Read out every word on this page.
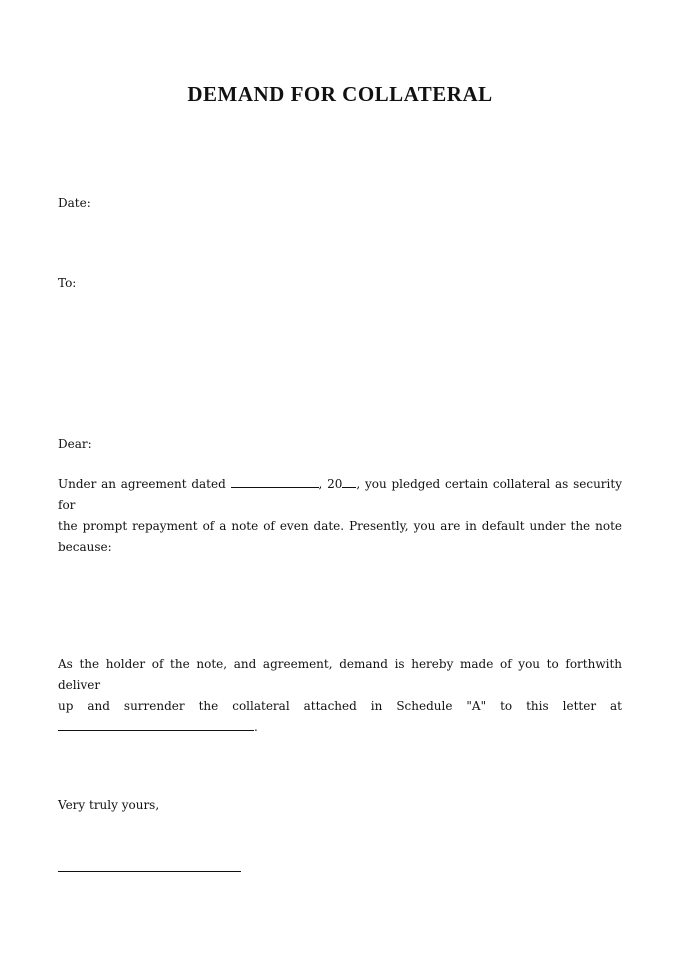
DEMAND FOR COLLATERAL

Date:

To:

Dear:

Under an agreement dated	, 20 , you pledged certain collateral as security for
the prompt repayment of a note of even date. Presently, you are in default under the note
because:
As the holder of the note, and agreement, demand is hereby made of you to forthwith deliver
up and surrender the collateral attached in Schedule "A" to this letter at
.

Very truly yours,
